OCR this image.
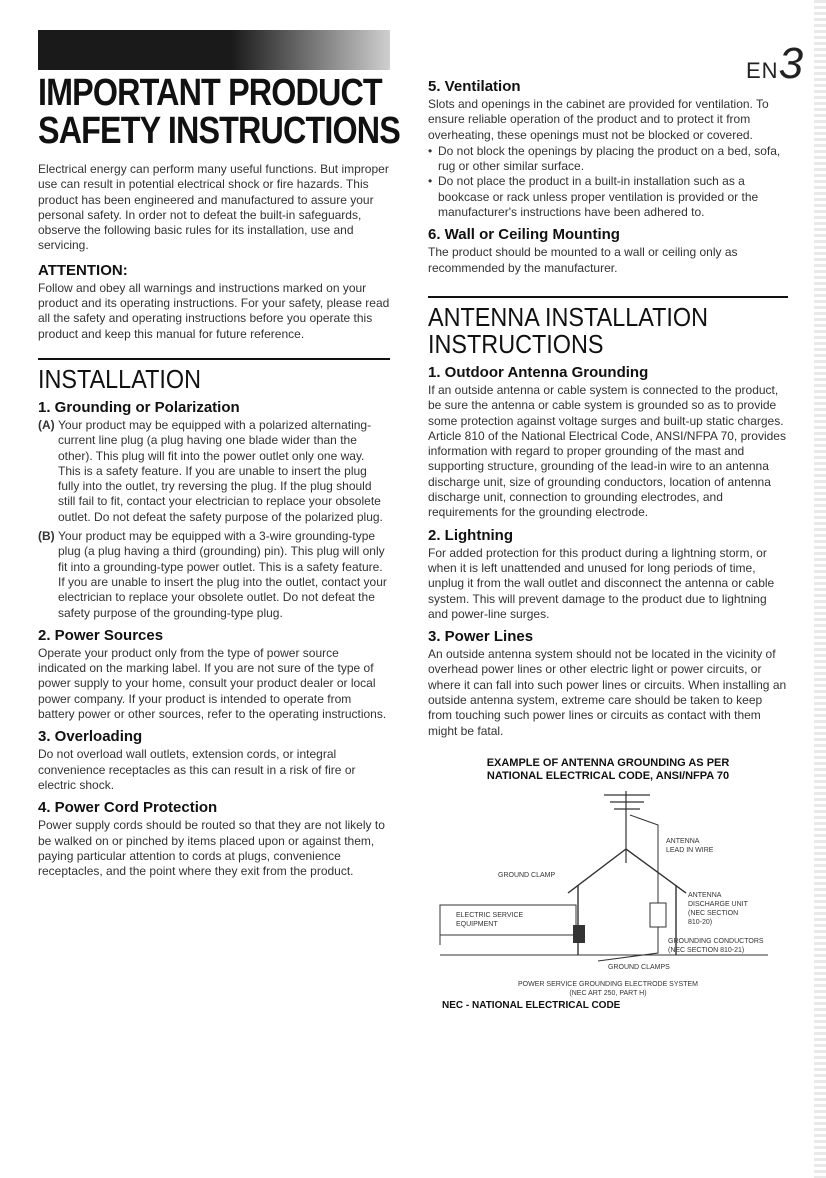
EN3
IMPORTANT PRODUCT
SAFETY INSTRUCTIONS

Electrical energy can perform many useful functions. But improper use can result in potential electrical shock or fire hazards. This product has been engineered and manufactured to assure your personal safety. In order not to defeat the built-in safeguards, observe the following basic rules for its installation, use and servicing.

ATTENTION:

Follow and obey all warnings and instructions marked on your product and its operating instructions. For your safety, please read all the safety and operating instructions before you operate this product and keep this manual for future reference.

INSTALLATION
1. Grounding or Polarization
(A) Your product may be equipped with a polarized alternating-current line plug (a plug having one blade wider than the other). This plug will fit into the power outlet only one way. This is a safety feature. If you are unable to insert the plug fully into the outlet, try reversing the plug. If the plug should still fail to fit, contact your electrician to replace your obsolete outlet. Do not defeat the safety purpose of the polarized plug.
(B) Your product may be equipped with a 3-wire grounding-type plug (a plug having a third (grounding) pin). This plug will only fit into a grounding-type power outlet. This is a safety feature. If you are unable to insert the plug into the outlet, contact your electrician to replace your obsolete outlet. Do not defeat the safety purpose of the grounding-type plug.
2. Power Sources

Operate your product only from the type of power source indicated on the marking label. If you are not sure of the type of power supply to your home, consult your product dealer or local power company. If your product is intended to operate from battery power or other sources, refer to the operating instructions.

3. Overloading

Do not overload wall outlets, extension cords, or integral convenience receptacles as this can result in a risk of fire or electric shock.

4. Power Cord Protection

Power supply cords should be routed so that they are not likely to be walked on or pinched by items placed upon or against them, paying particular attention to cords at plugs, convenience receptacles, and the point where they exit from the product.

5. Ventilation

Slots and openings in the cabinet are provided for ventilation. To ensure reliable operation of the product and to protect it from overheating, these openings must not be blocked or covered.

• Do not block the openings by placing the product on a bed, sofa, rug or other similar surface.
• Do not place the product in a built-in installation such as a bookcase or rack unless proper ventilation is provided or the manufacturer's instructions have been adhered to.
6. Wall or Ceiling Mounting

The product should be mounted to a wall or ceiling only as recommended by the manufacturer.

ANTENNA INSTALLATION
INSTRUCTIONS
1. Outdoor Antenna Grounding

If an outside antenna or cable system is connected to the product, be sure the antenna or cable system is grounded so as to provide some protection against voltage surges and built-up static charges. Article 810 of the National Electrical Code, ANSI/NFPA 70, provides information with regard to proper grounding of the mast and supporting structure, grounding of the lead-in wire to an antenna discharge unit, size of grounding conductors, location of antenna discharge unit, connection to grounding electrodes, and requirements for the grounding electrode.

2. Lightning

For added protection for this product during a lightning storm, or when it is left unattended and unused for long periods of time, unplug it from the wall outlet and disconnect the antenna or cable system. This will prevent damage to the product due to lightning and power-line surges.

3. Power Lines

An outside antenna system should not be located in the vicinity of overhead power lines or other electric light or power circuits, or where it can fall into such power lines or circuits. When installing an outside antenna system, extreme care should be taken to keep from touching such power lines or circuits as contact with them might be fatal.

EXAMPLE OF ANTENNA GROUNDING AS PER
NATIONAL ELECTRICAL CODE, ANSI/NFPA 70
ANTENNA
LEAD IN WIRE
GROUND CLAMP
ANTENNA
DISCHARGE UNIT
(NEC SECTION
810-20)
ELECTRIC SERVICE
EQUIPMENT
GROUNDING CONDUCTORS
(NEC SECTION 810-21)
GROUND CLAMPS
POWER SERVICE GROUNDING ELECTRODE SYSTEM
(NEC ART 250, PART H)
NEC - NATIONAL ELECTRICAL CODE
